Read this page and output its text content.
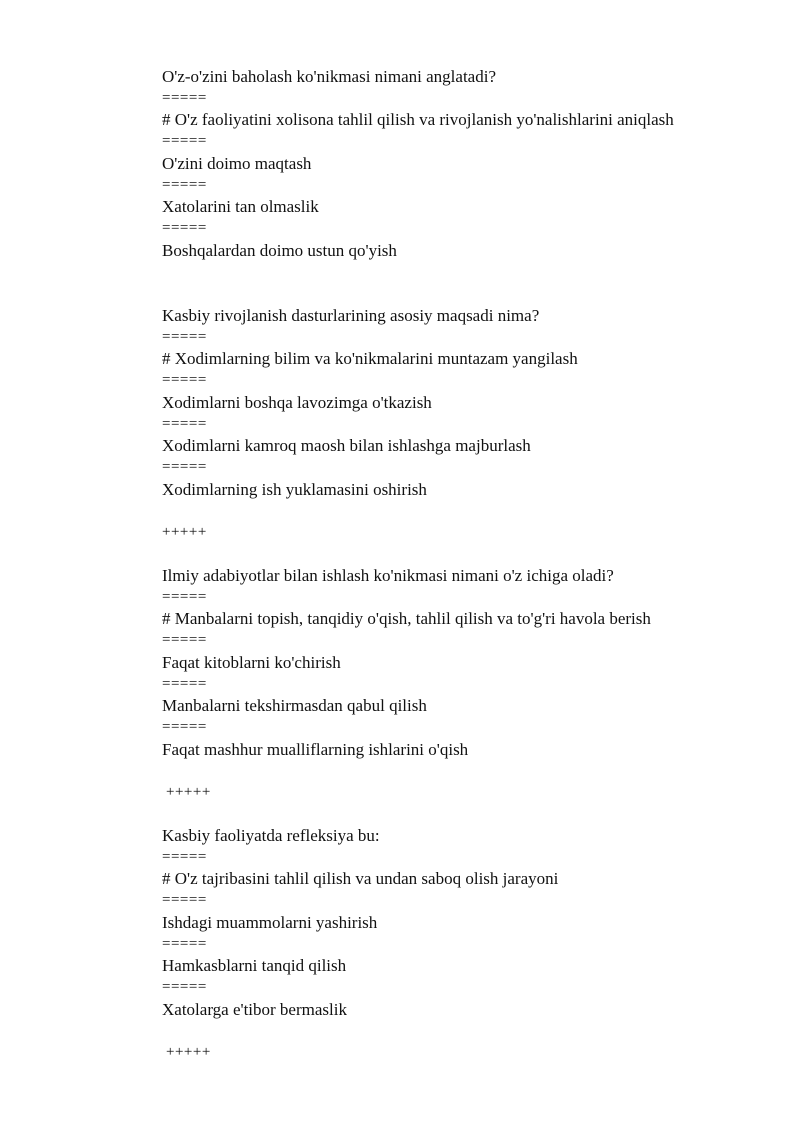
O'z-o'zini baholash ko'nikmasi nimani anglatadi?
=====
# O'z faoliyatini xolisona tahlil qilish va rivojlanish yo'nalishlarini aniqlash
=====
O'zini doimo maqtash
=====
Xatolarini tan olmaslik
=====
Boshqalardan doimo ustun qo'yish
Kasbiy rivojlanish dasturlarining asosiy maqsadi nima?
=====
# Xodimlarning bilim va ko'nikmalarini muntazam yangilash
=====
Xodimlarni boshqa lavozimga o'tkazish
=====
Xodimlarni kamroq maosh bilan ishlashga majburlash
=====
Xodimlarning ish yuklamasini oshirish
+++++
Ilmiy adabiyotlar bilan ishlash ko'nikmasi nimani o'z ichiga oladi?
=====
# Manbalarni topish, tanqidiy o'qish, tahlil qilish va to'g'ri havola berish
=====
Faqat kitoblarni ko'chirish
=====
Manbalarni tekshirmasdan qabul qilish
=====
Faqat mashhur mualliflarning ishlarini o'qish
+++++
Kasbiy faoliyatda refleksiya bu:
=====
# O'z tajribasini tahlil qilish va undan saboq olish jarayoni
=====
Ishdagi muammolarni yashirish
=====
Hamkasblarni tanqid qilish
=====
Xatolarga e'tibor bermaslik
+++++
